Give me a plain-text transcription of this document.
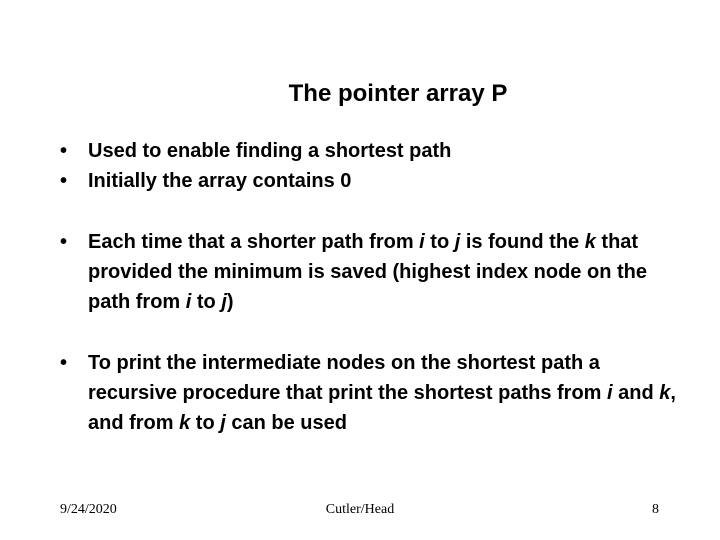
The pointer array P
•	Used to enable finding a shortest path
•	Initially the array contains 0
•	Each time that a shorter path from i to j is found the k that provided the minimum is saved (highest index node on the path from i to j)
•	To print the intermediate nodes on the shortest path a recursive procedure that print the shortest paths from i and k, and from k to j can be used
9/24/2020	Cutler/Head	8
